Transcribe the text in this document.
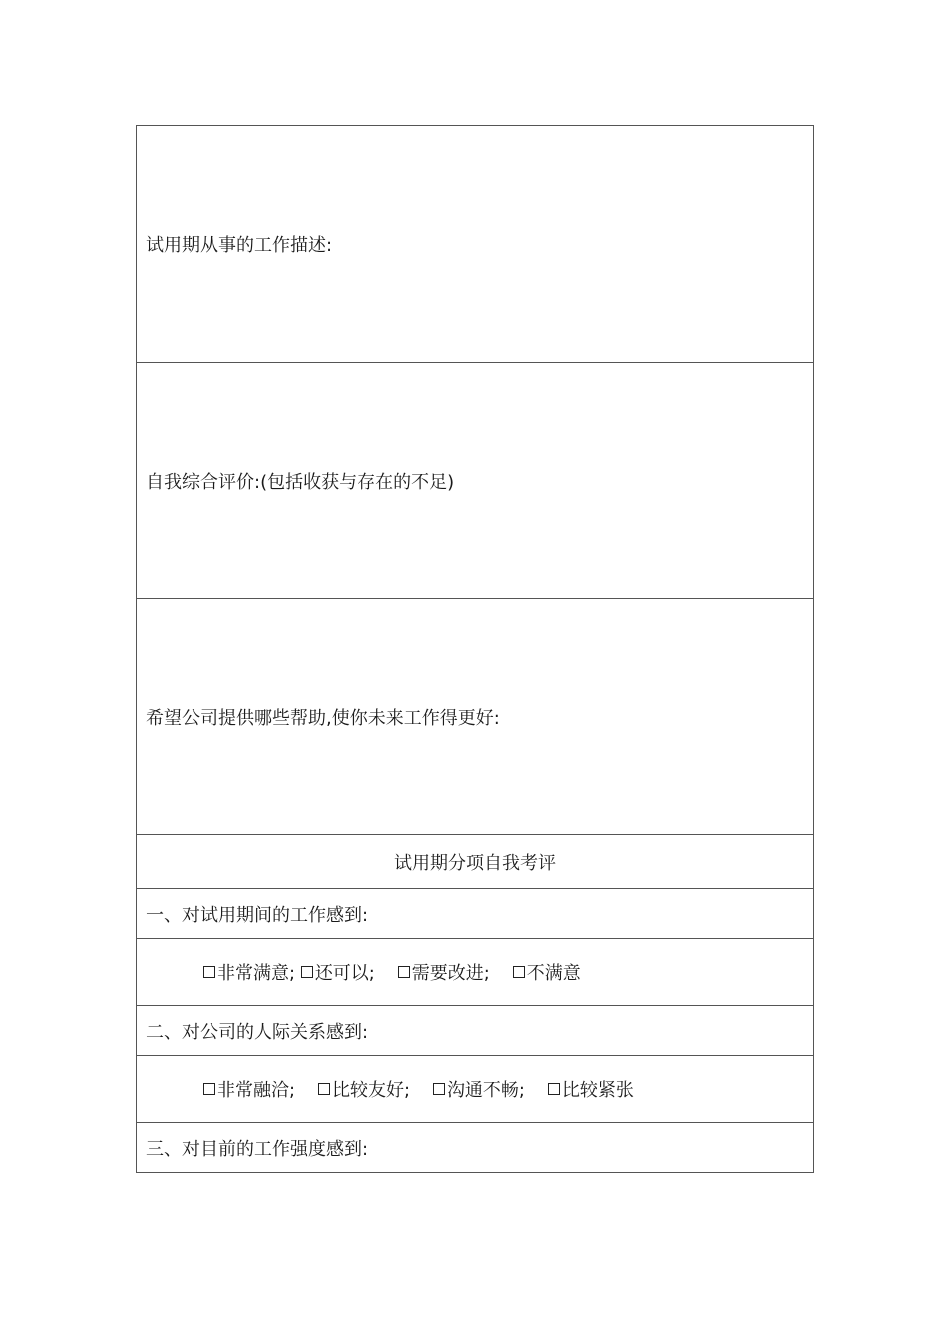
试用期从事的工作描述:
自我综合评价:(包括收获与存在的不足)
希望公司提供哪些帮助,使你未来工作得更好:
试用期分项自我考评
一、对试用期间的工作感到:
非常满意;
还可以;
需要改进;
不满意
二、对公司的人际关系感到:
非常融洽;
比较友好;
沟通不畅;
比较紧张
三、对目前的工作强度感到:
